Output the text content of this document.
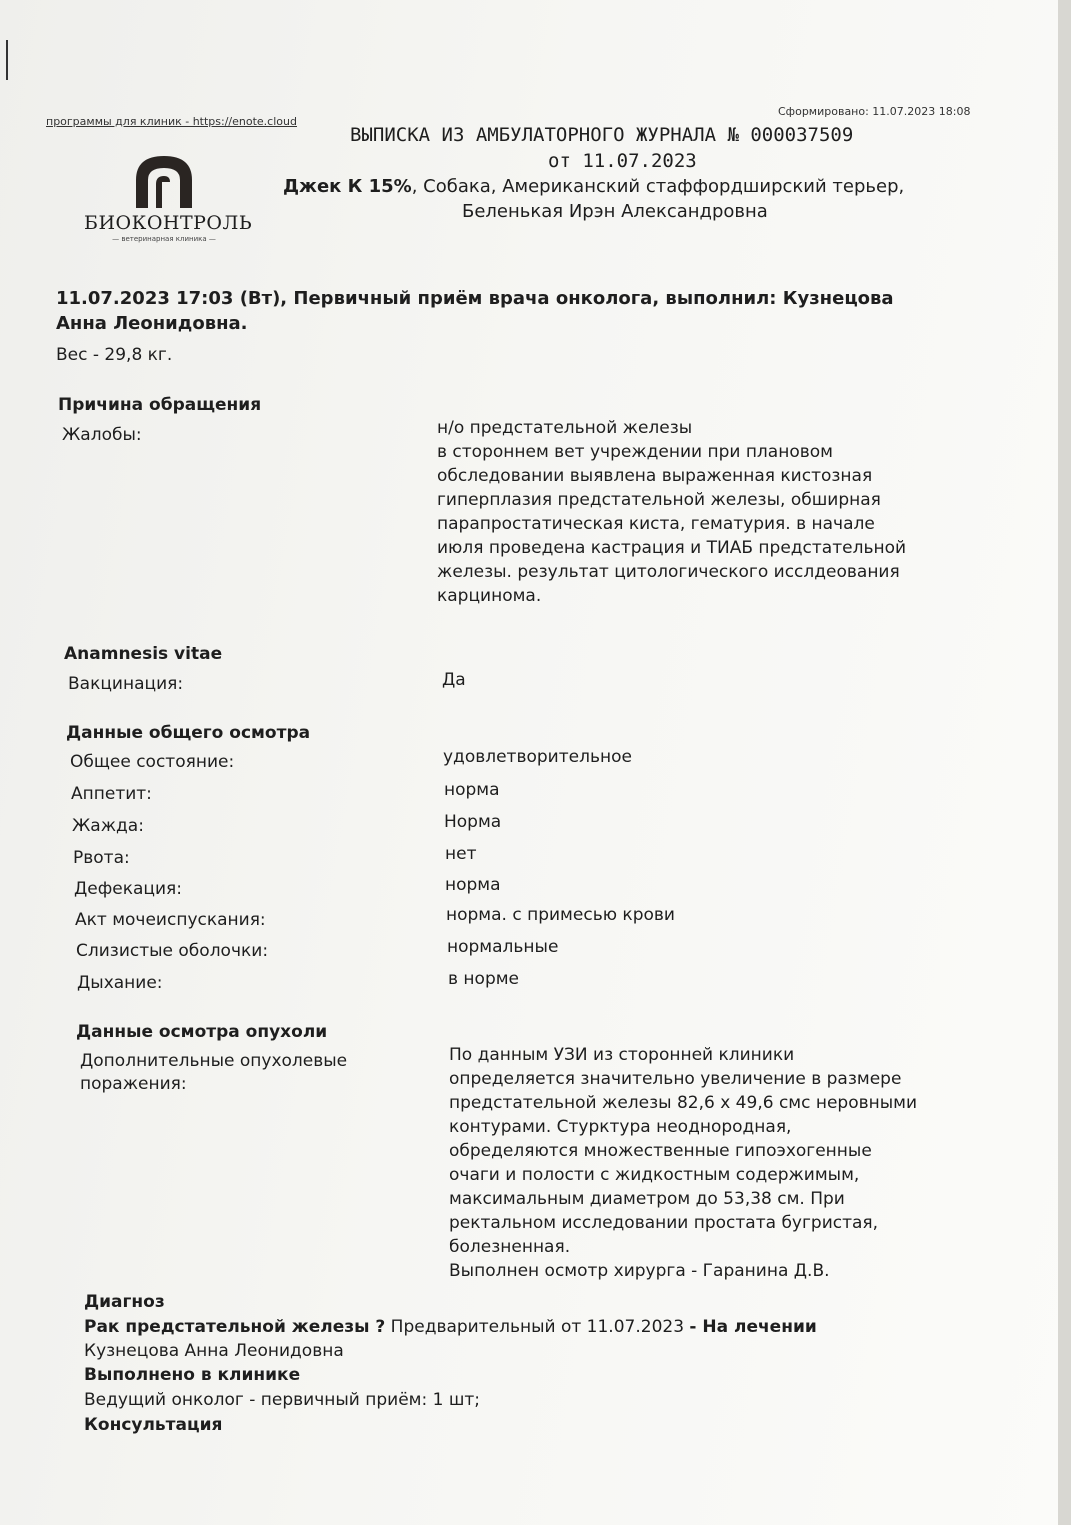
программы для клиник - https://enote.cloud
Сформировано: 11.07.2023 18:08
БИОКОНТРОЛЬ
— ветеринарная клиника —
ВЫПИСКА ИЗ АМБУЛАТОРНОГО ЖУРНАЛА № 000037509
от 11.07.2023
Джек К 15%, Собака, Американский стаффордширский терьер,
Беленькая Ирэн Александровна
11.07.2023 17:03 (Вт), Первичный приём врача онколога, выполнил: Кузнецова
Анна Леонидовна.
Вес - 29,8 кг.
Причина обращения
Жалобы:	н/о предстательной железы
в стороннем вет учреждении при плановом
обследовании выявлена выраженная кистозная
гиперплазия предстательной железы, обширная
парапростатическая киста, гематурия. в начале
июля проведена кастрация и ТИАБ предстательной
железы. результат цитологического исслдеования
карцинома.
Anamnesis vitae
Вакцинация:	Да
Данные общего осмотра
Общее состояние:	удовлетворительное
Аппетит:	норма
Жажда:	Норма
Рвота:	нет
Дефекация:	норма
Акт мочеиспускания:	норма. с примесью крови
Слизистые оболочки:	нормальные
Дыхание:	в норме
Данные осмотра опухоли
Дополнительные опухолевые
поражения:
По данным УЗИ из сторонней клиники
определяется значительно увеличение в размере
предстательной железы 82,6 х 49,6 смс неровными
контурами. Стурктура неоднородная,
обределяются множественные гипоэхогенные
очаги и полости с жидкостным содержимым,
максимальным диаметром до 53,38 см. При
ректальном исследовании простата бугристая,
болезненная.
Выполнен осмотр хирурга - Гаранина Д.В.
Диагноз
Рак предстательной железы ? Предварительный от 11.07.2023 - На лечении
Кузнецова Анна Леонидовна
Выполнено в клинике
Ведущий онколог - первичный приём: 1 шт;
Консультация
